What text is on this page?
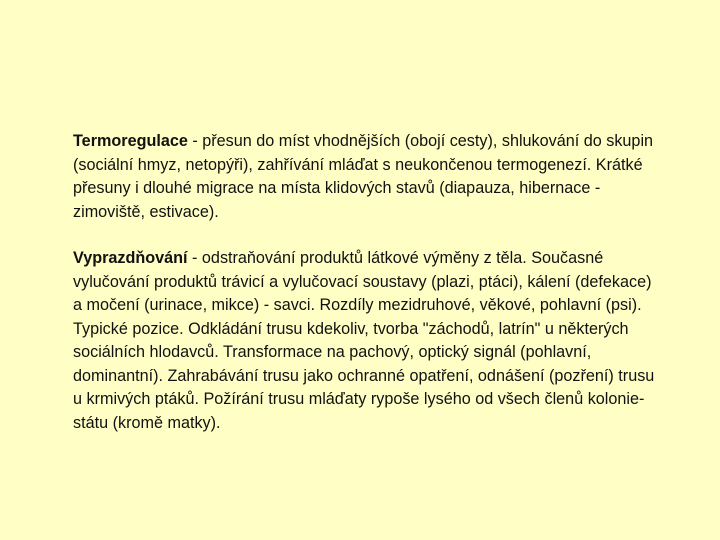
Termoregulace - přesun do míst vhodnějších (obojí cesty), shlukování do skupin (sociální hmyz, netopýři), zahřívání mláďat s neukončenou termogenezí. Krátké přesuny i dlouhé migrace na místa klidových stavů (diapauza, hibernace - zimoviště, estivace).

Vyprazdňování - odstraňování produktů látkové výměny z těla. Současné vylučování produktů trávicí a vylučovací soustavy (plazi, ptáci), kálení (defekace) a močení (urinace, mikce) - savci. Rozdíly mezidruhové, věkové, pohlavní (psi). Typické pozice. Odkládání trusu kdekoliv, tvorba "záchodů, latrín" u některých sociálních hlodavců. Transformace na pachový, optický signál (pohlavní, dominantní). Zahrabávání trusu jako ochranné opatření, odnášení (pozření) trusu u krmivých ptáků. Požírání trusu mláďaty rypoše lysého od všech členů kolonie-státu (kromě matky).
